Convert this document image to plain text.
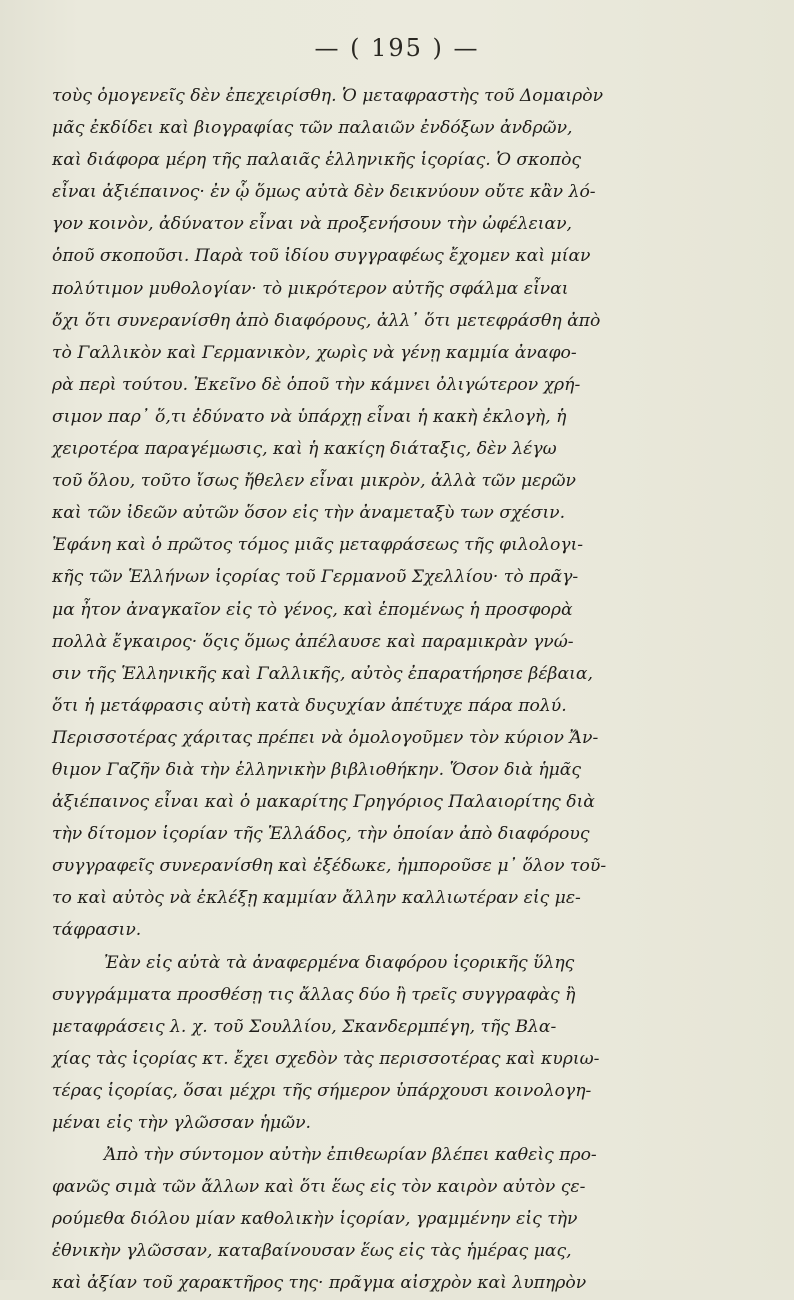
— ( 195 ) —
τοὺς ὁμογενεῖς δὲν ἐπεχειρίσθη. Ὁ μεταφραστὴς τοῦ Δομαιρὸν
μᾶς ἐκδίδει καὶ βιογραφίας τῶν παλαιῶν ἐνδόξων ἀνδρῶν,
καὶ διάφορα μέρη τῆς παλαιᾶς ἑλληνικῆς ἱςορίας. Ὁ σκοπὸς
εἶναι ἀξιέπαινος· ἐν ᾧ ὅμως αὐτὰ δὲν δεικνύουν οὔτε κἂν λό-
γον κοινὸν, ἀδύνατον εἶναι νὰ προξενήσουν τὴν ὠφέλειαν,
ὁποῦ σκοποῦσι. Παρὰ τοῦ ἰδίου συγγραφέως ἔχομεν καὶ μίαν
πολύτιμον μυθολογίαν· τὸ μικρότερον αὐτῆς σφάλμα εἶναι
ὄχι ὅτι συνερανίσθη ἀπὸ διαφόρους, ἀλλ᾽ ὅτι μετεφράσθη ἀπὸ
τὸ Γαλλικὸν καὶ Γερμανικὸν, χωρὶς νὰ γένῃ καμμία ἀναφο-
ρὰ περὶ τούτου. Ἐκεῖνο δὲ ὁποῦ τὴν κάμνει ὀλιγώτερον χρή-
σιμον παρ᾽ ὅ,τι ἐδύνατο νὰ ὑπάρχῃ εἶναι ἡ κακὴ ἐκλογὴ, ἡ
χειροτέρα παραγέμωσις, καὶ ἡ κακίςη διάταξις, δὲν λέγω
τοῦ ὅλου, τοῦτο ἴσως ἤθελεν εἶναι μικρὸν, ἀλλὰ τῶν μερῶν
καὶ τῶν ἰδεῶν αὐτῶν ὅσον εἰς τὴν ἀναμεταξὺ των σχέσιν.
Ἐφάνη καὶ ὁ πρῶτος τόμος μιᾶς μεταφράσεως τῆς φιλολογι-
κῆς τῶν Ἑλλήνων ἱςορίας τοῦ Γερμανοῦ Σχελλίου· τὸ πρᾶγ-
μα ἦτον ἀναγκαῖον εἰς τὸ γένος, καὶ ἑπομένως ἡ προσφορὰ
πολλὰ ἔγκαιρος· ὅςις ὅμως ἀπέλαυσε καὶ παραμικρὰν γνώ-
σιν τῆς Ἑλληνικῆς καὶ Γαλλικῆς, αὐτὸς ἐπαρατήρησε βέβαια,
ὅτι ἡ μετάφρασις αὐτὴ κατὰ δυςυχίαν ἀπέτυχε πάρα πολύ.
Περισσοτέρας χάριτας πρέπει νὰ ὁμολογοῦμεν τὸν κύριον Ἄν-
θιμον Γαζῆν διὰ τὴν ἑλληνικὴν βιβλιοθήκην. Ὅσον διὰ ἡμᾶς
ἀξιέπαινος εἶναι καὶ ὁ μακαρίτης Γρηγόριος Παλαιορίτης διὰ
τὴν δίτομον ἱςορίαν τῆς Ἑλλάδος, τὴν ὁποίαν ἀπὸ διαφόρους
συγγραφεῖς συνερανίσθη καὶ ἐξέδωκε, ἠμποροῦσε μ᾽ ὅλον τοῦ-
το καὶ αὐτὸς νὰ ἐκλέξῃ καμμίαν ἄλλην καλλιωτέραν εἰς με-
τάφρασιν.
Ἐὰν εἰς αὐτὰ τὰ ἀναφερμένα διαφόρου ἱςορικῆς ὕλης
συγγράμματα προσθέσῃ τις ἄλλας δύο ἢ τρεῖς συγγραφὰς ἢ
μεταφράσεις λ. χ. τοῦ Σουλλίου, Σκανδερμπέγη, τῆς Βλα-
χίας τὰς ἱςορίας κτ. ἔχει σχεδὸν τὰς περισσοτέρας καὶ κυριω-
τέρας ἱςορίας, ὅσαι μέχρι τῆς σήμερον ὑπάρχουσι κοινολογη-
μέναι εἰς τὴν γλῶσσαν ἡμῶν.
Ἀπὸ τὴν σύντομον αὐτὴν ἐπιθεωρίαν βλέπει καθεὶς προ-
φανῶς σιμὰ τῶν ἄλλων καὶ ὅτι ἕως εἰς τὸν καιρὸν αὐτὸν ςε-
ρούμεθα διόλου μίαν καθολικὴν ἱςορίαν, γραμμένην εἰς τὴν
ἐθνικὴν γλῶσσαν, καταβαίνουσαν ἕως εἰς τὰς ἡμέρας μας,
καὶ ἀξίαν τοῦ χαρακτῆρος της· πρᾶγμα αἰσχρὸν καὶ λυπηρὸν
